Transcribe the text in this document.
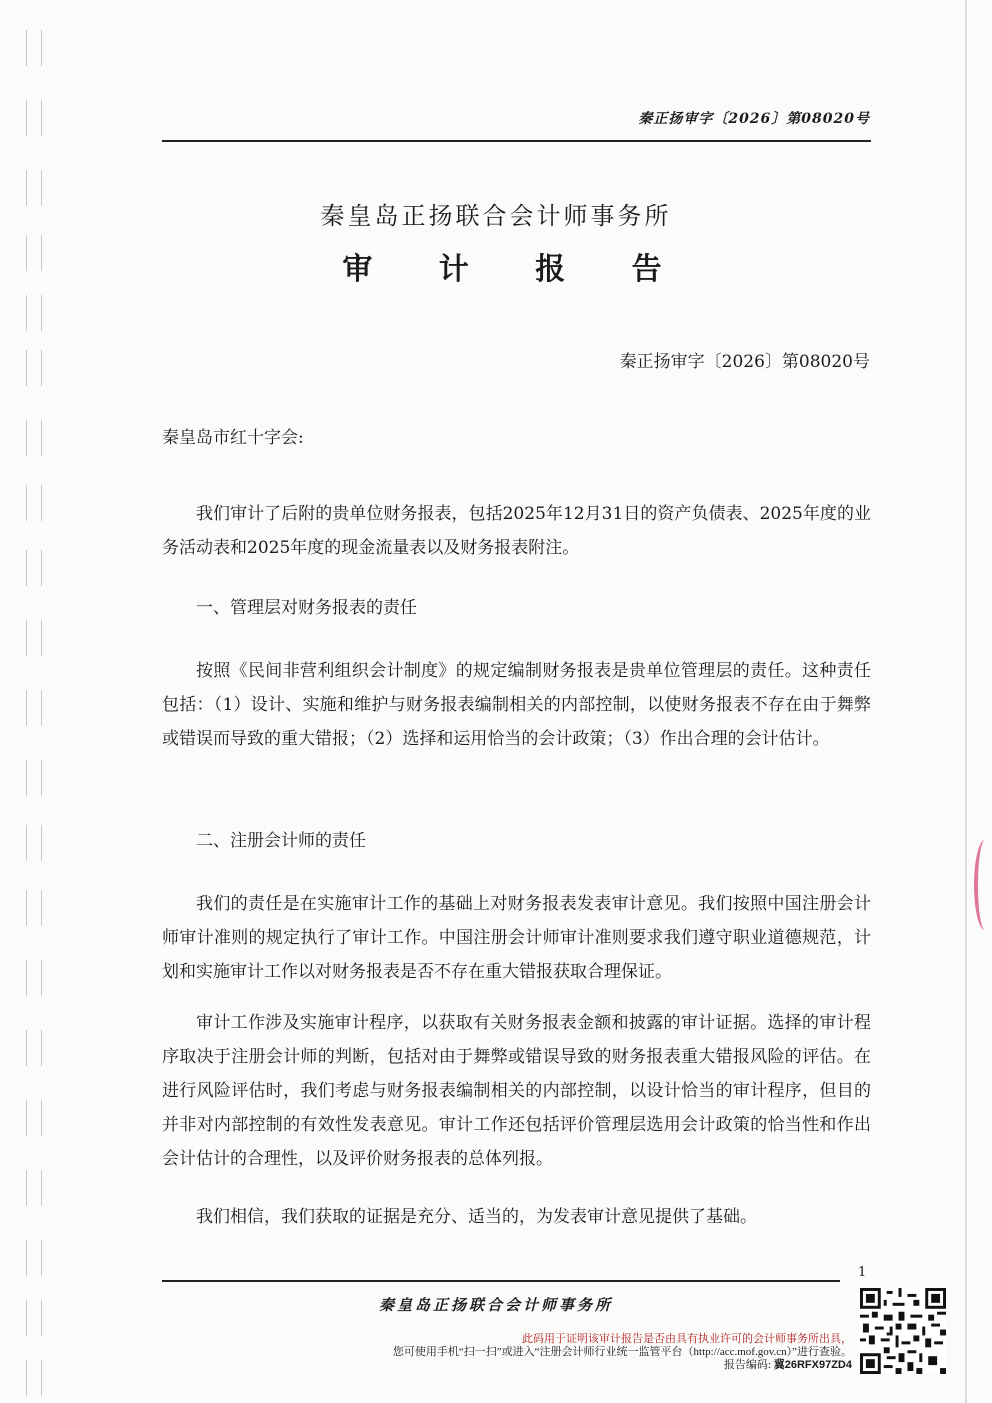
秦正扬审字〔2026〕第08020号
秦皇岛正扬联合会计师事务所
审 计 报 告
秦正扬审字〔2026〕第08020号
秦皇岛市红十字会:

我们审计了后附的贵单位财务报表，包括2025年12月31日的资产负债表、2025年度的业务活动表和2025年度的现金流量表以及财务报表附注。

一、管理层对财务报表的责任

按照《民间非营利组织会计制度》的规定编制财务报表是贵单位管理层的责任。这种责任包括：（1）设计、实施和维护与财务报表编制相关的内部控制，以使财务报表不存在由于舞弊或错误而导致的重大错报；（2）选择和运用恰当的会计政策；（3）作出合理的会计估计。

二、注册会计师的责任

我们的责任是在实施审计工作的基础上对财务报表发表审计意见。我们按照中国注册会计师审计准则的规定执行了审计工作。中国注册会计师审计准则要求我们遵守职业道德规范，计划和实施审计工作以对财务报表是否不存在重大错报获取合理保证。

审计工作涉及实施审计程序，以获取有关财务报表金额和披露的审计证据。选择的审计程序取决于注册会计师的判断，包括对由于舞弊或错误导致的财务报表重大错报风险的评估。在进行风险评估时，我们考虑与财务报表编制相关的内部控制，以设计恰当的审计程序，但目的并非对内部控制的有效性发表意见。审计工作还包括评价管理层选用会计政策的恰当性和作出会计估计的合理性，以及评价财务报表的总体列报。

我们相信，我们获取的证据是充分、适当的，为发表审计意见提供了基础。

1
秦皇岛正扬联合会计师事务所
此码用于证明该审计报告是否由具有执业许可的会计师事务所出具，
您可使用手机“扫一扫”或进入“注册会计师行业统一监管平台（http://acc.mof.gov.cn）”进行查验。
报告编码: 冀26RFX97ZD4
